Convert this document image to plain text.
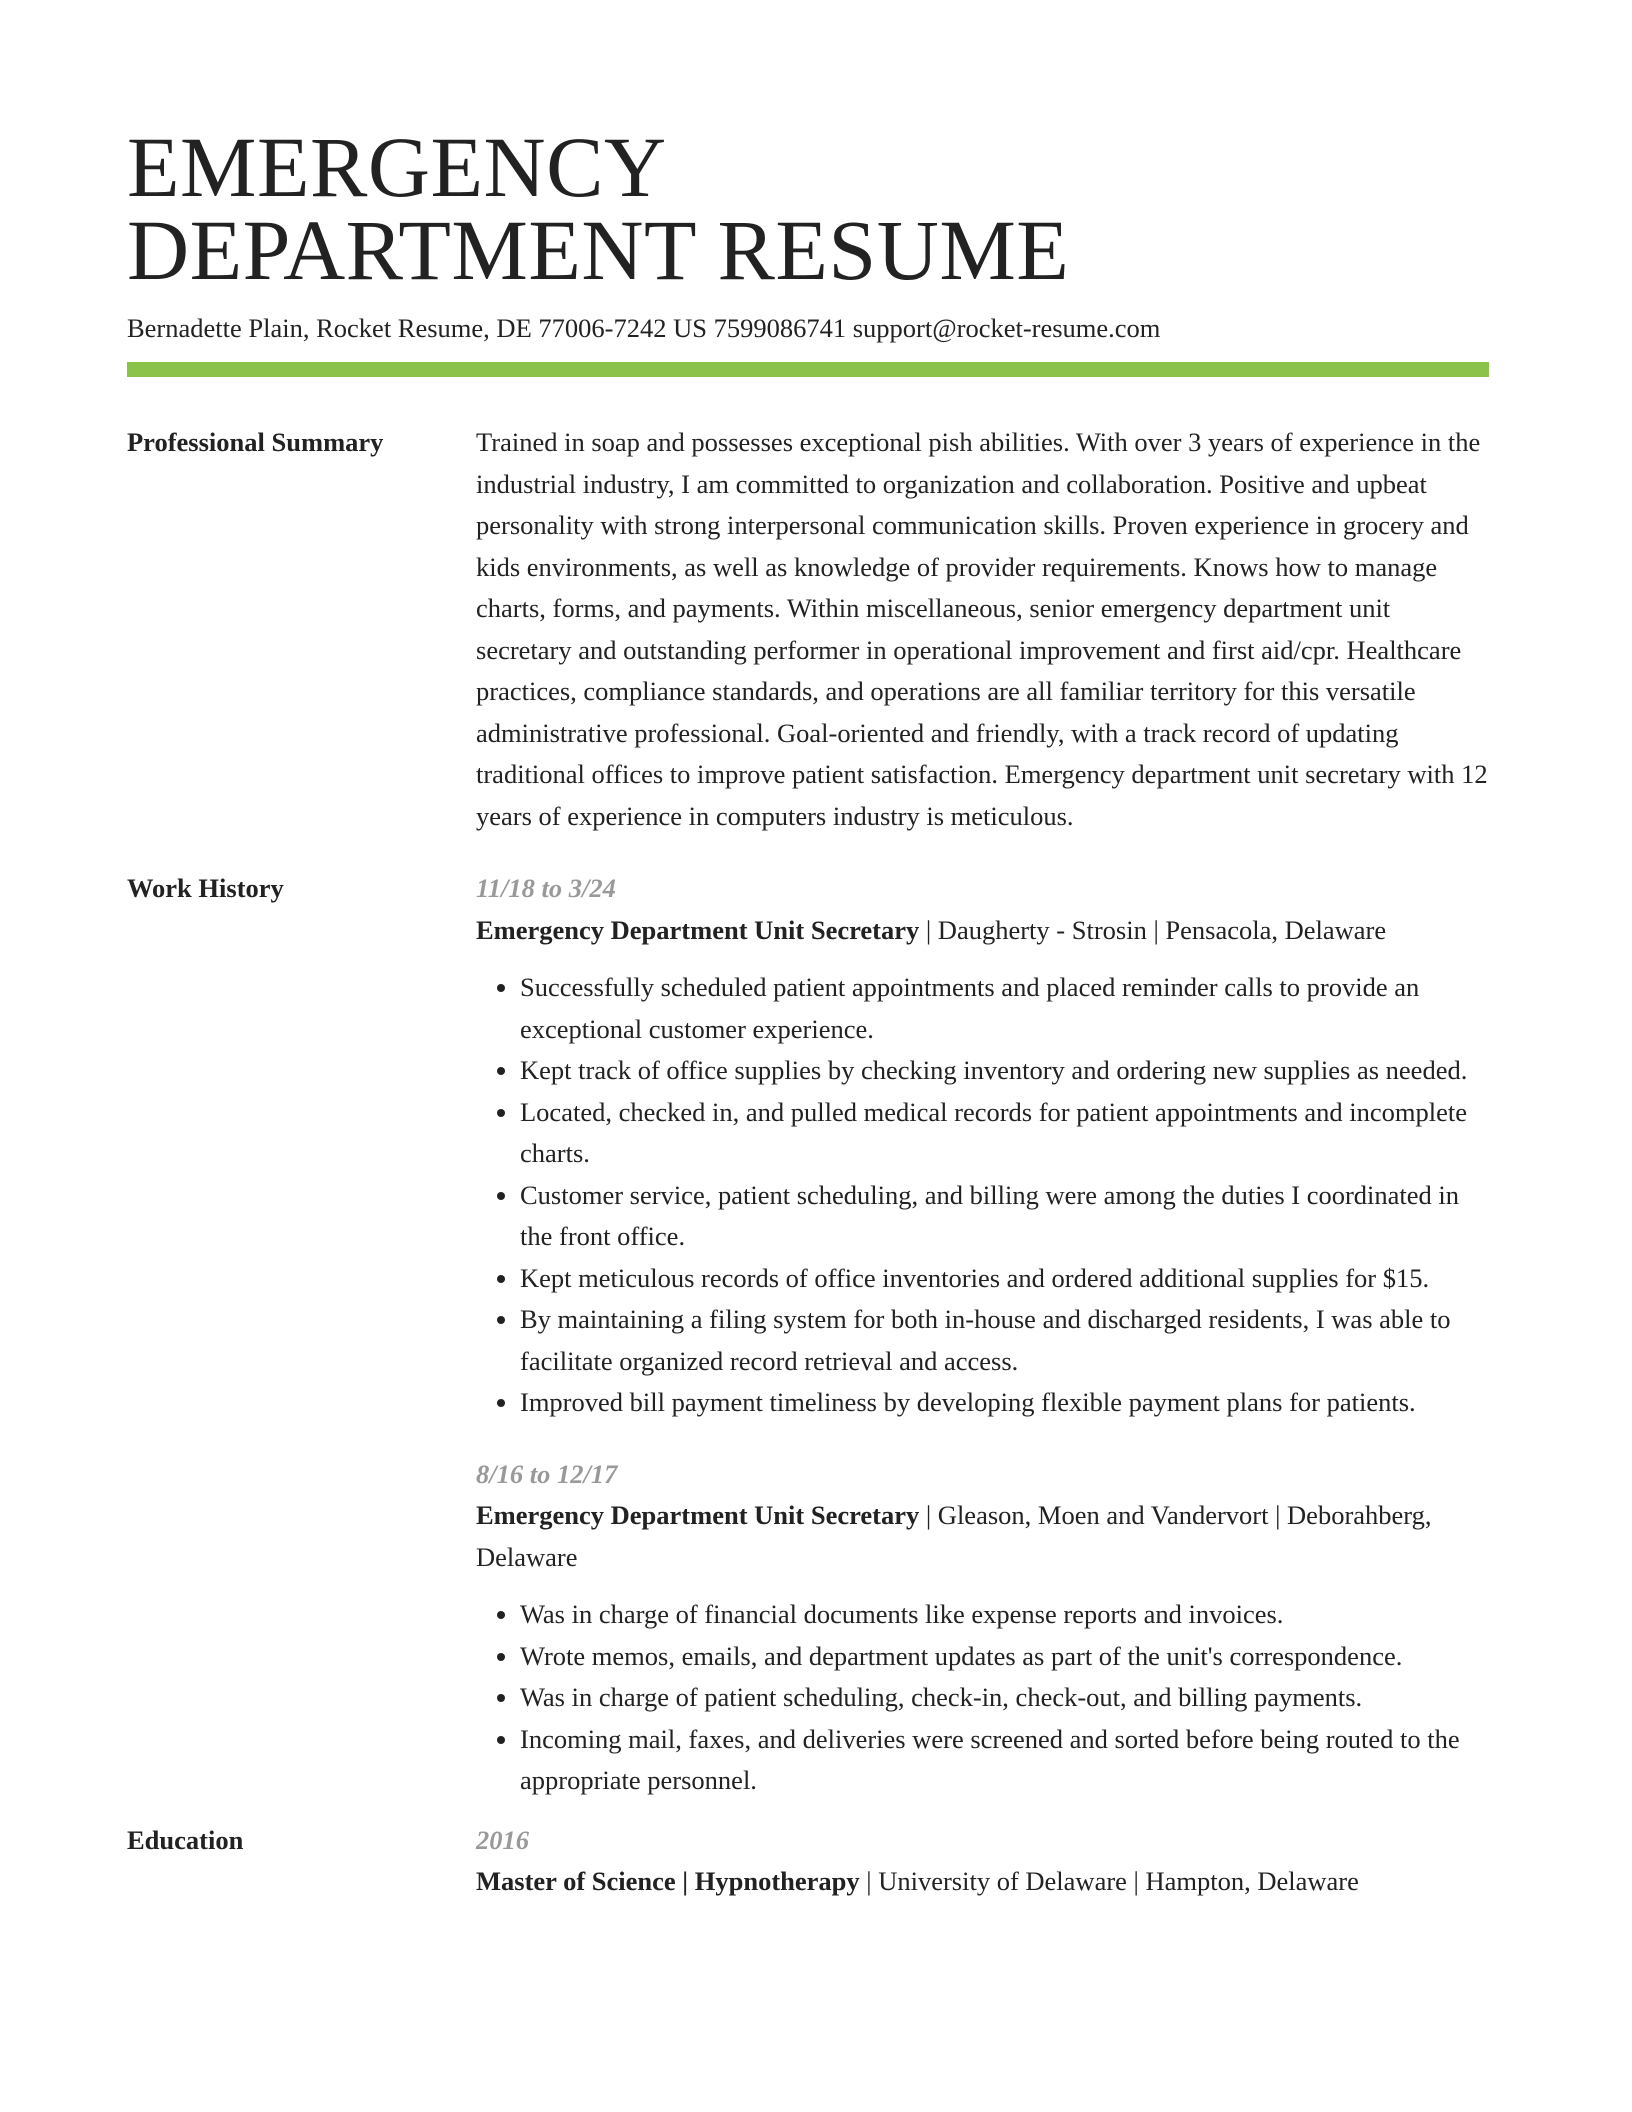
EMERGENCY
DEPARTMENT RESUME
Bernadette Plain, Rocket Resume, DE 77006-7242 US 7599086741 support@rocket-resume.com
Professional Summary	Trained in soap and possesses exceptional pish abilities. With over 3 years of experience in the industrial industry, I am committed to organization and collaboration. Positive and upbeat personality with strong interpersonal communication skills. Proven experience in grocery and kids environments, as well as knowledge of provider requirements. Knows how to manage charts, forms, and payments. Within miscellaneous, senior emergency department unit secretary and outstanding performer in operational improvement and first aid/cpr. Healthcare practices, compliance standards, and operations are all familiar territory for this versatile administrative professional. Goal-oriented and friendly, with a track record of updating traditional offices to improve patient satisfaction. Emergency department unit secretary with 12 years of experience in computers industry is meticulous.
Work History	11/18 to 3/24
Emergency Department Unit Secretary | Daugherty - Strosin | Pensacola, Delaware
• Successfully scheduled patient appointments and placed reminder calls to provide an exceptional customer experience.
• Kept track of office supplies by checking inventory and ordering new supplies as needed.
• Located, checked in, and pulled medical records for patient appointments and incomplete charts.
• Customer service, patient scheduling, and billing were among the duties I coordinated in the front office.
• Kept meticulous records of office inventories and ordered additional supplies for $15.
• By maintaining a filing system for both in-house and discharged residents, I was able to facilitate organized record retrieval and access.
• Improved bill payment timeliness by developing flexible payment plans for patients.
8/16 to 12/17
Emergency Department Unit Secretary | Gleason, Moen and Vandervort | Deborahberg, Delaware
• Was in charge of financial documents like expense reports and invoices.
• Wrote memos, emails, and department updates as part of the unit's correspondence.
• Was in charge of patient scheduling, check-in, check-out, and billing payments.
• Incoming mail, faxes, and deliveries were screened and sorted before being routed to the appropriate personnel.
Education	2016
Master of Science | Hypnotherapy | University of Delaware | Hampton, Delaware
